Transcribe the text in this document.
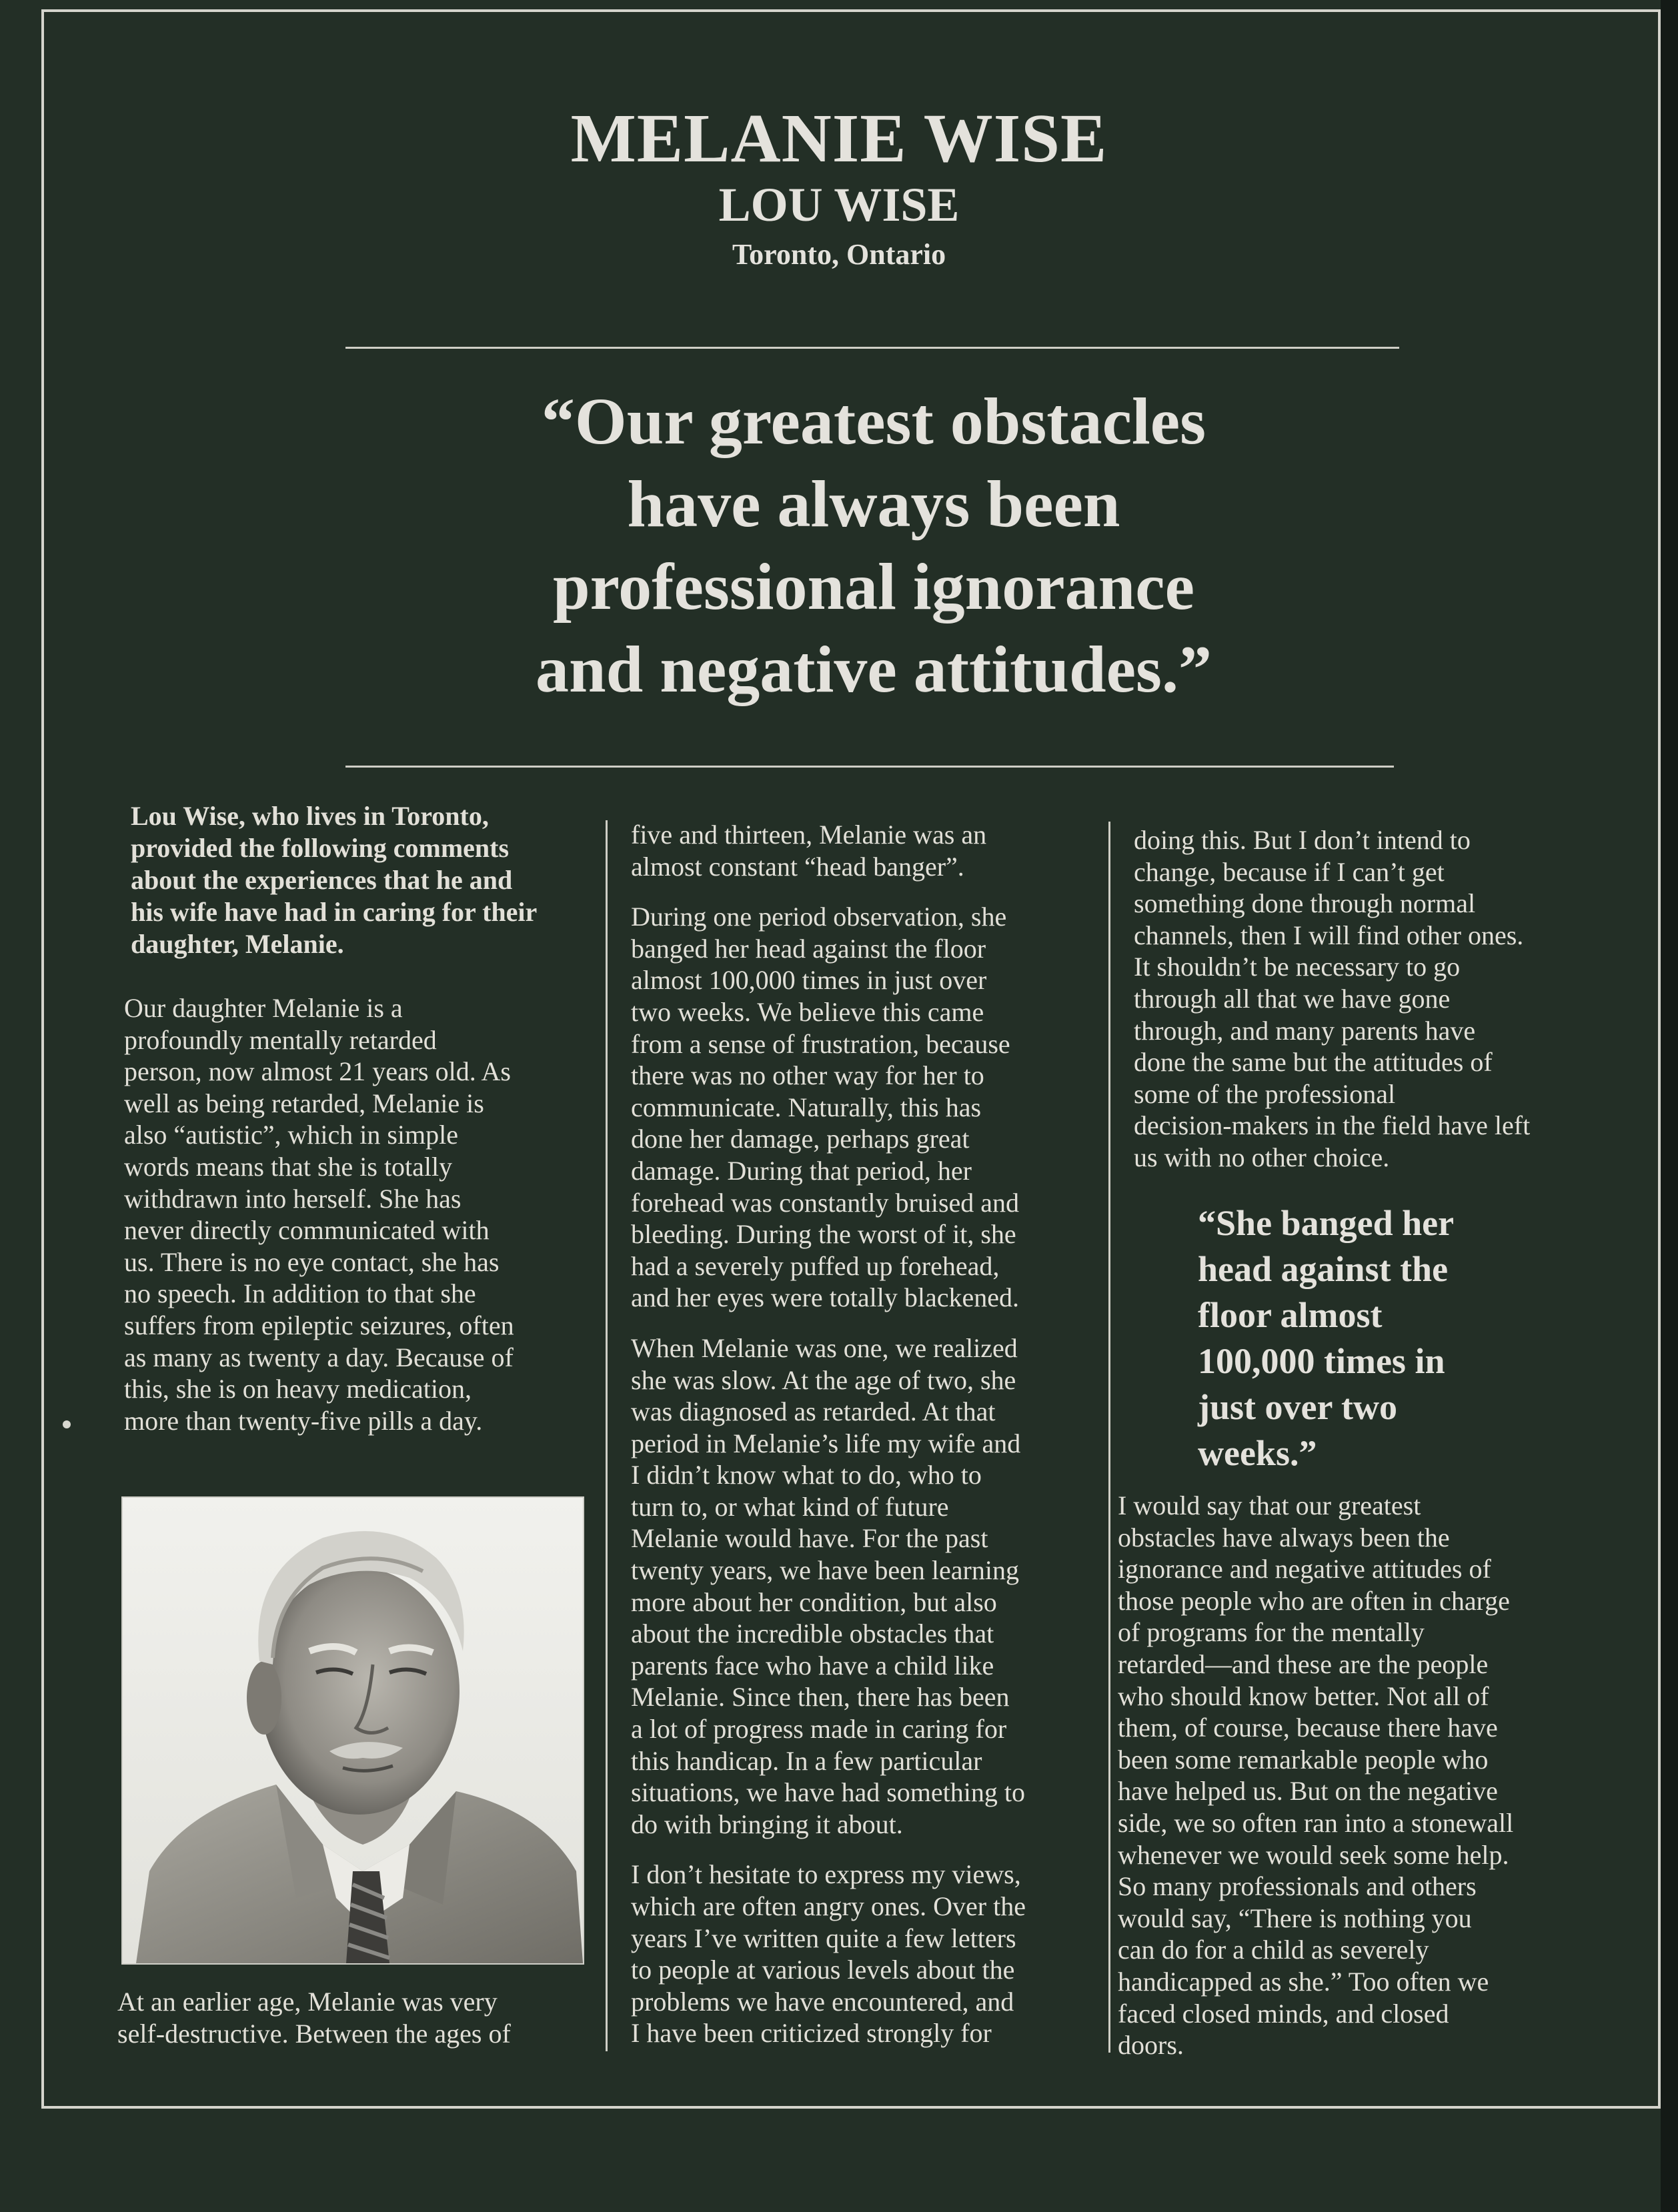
MELANIE WISE
LOU WISE
Toronto, Ontario
“Our greatest obstacles
have always been
professional ignorance
and negative attitudes.”
Lou Wise, who lives in Toronto,
provided the following comments
about the experiences that he and
his wife have had in caring for their
daughter, Melanie.
Our daughter Melanie is a
profoundly mentally retarded
person, now almost 21 years old. As
well as being retarded, Melanie is
also “autistic”, which in simple
words means that she is totally
withdrawn into herself. She has
never directly communicated with
us. There is no eye contact, she has
no speech. In addition to that she
suffers from epileptic seizures, often
as many as twenty a day. Because of
this, she is on heavy medication,
more than twenty-five pills a day.
At an earlier age, Melanie was very
self-destructive. Between the ages of
five and thirteen, Melanie was an
almost constant “head banger”.
During one period observation, she
banged her head against the floor
almost 100,000 times in just over
two weeks. We believe this came
from a sense of frustration, because
there was no other way for her to
communicate. Naturally, this has
done her damage, perhaps great
damage. During that period, her
forehead was constantly bruised and
bleeding. During the worst of it, she
had a severely puffed up forehead,
and her eyes were totally blackened.
When Melanie was one, we realized
she was slow. At the age of two, she
was diagnosed as retarded. At that
period in Melanie’s life my wife and
I didn’t know what to do, who to
turn to, or what kind of future
Melanie would have. For the past
twenty years, we have been learning
more about her condition, but also
about the incredible obstacles that
parents face who have a child like
Melanie. Since then, there has been
a lot of progress made in caring for
this handicap. In a few particular
situations, we have had something to
do with bringing it about.
I don’t hesitate to express my views,
which are often angry ones. Over the
years I’ve written quite a few letters
to people at various levels about the
problems we have encountered, and
I have been criticized strongly for
doing this. But I don’t intend to
change, because if I can’t get
something done through normal
channels, then I will find other ones.
It shouldn’t be necessary to go
through all that we have gone
through, and many parents have
done the same but the attitudes of
some of the professional
decision-makers in the field have left
us with no other choice.
“She banged her
head against the
floor almost
100,000 times in
just over two
weeks.”
I would say that our greatest
obstacles have always been the
ignorance and negative attitudes of
those people who are often in charge
of programs for the mentally
retarded—and these are the people
who should know better. Not all of
them, of course, because there have
been some remarkable people who
have helped us. But on the negative
side, we so often ran into a stonewall
whenever we would seek some help.
So many professionals and others
would say, “There is nothing you
can do for a child as severely
handicapped as she.” Too often we
faced closed minds, and closed
doors.
